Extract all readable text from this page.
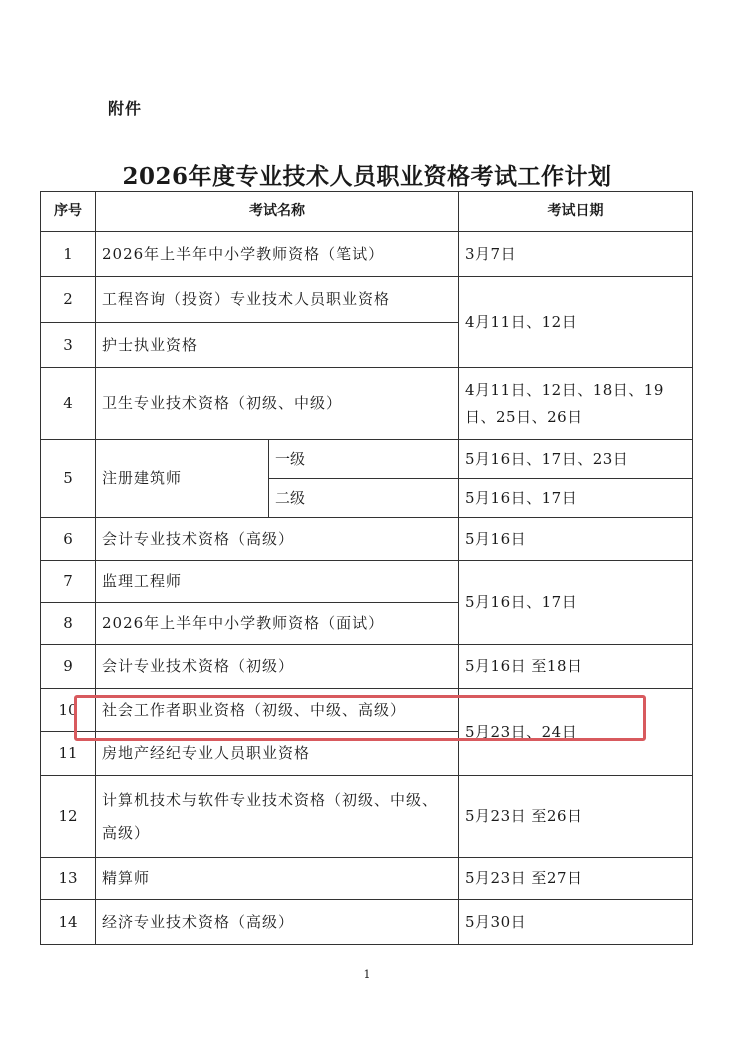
附件
2026年度专业技术人员职业资格考试工作计划
序号	考试名称		考试日期
1	2026年上半年中小学教师资格（笔试）		3月7日
2	工程咨询（投资）专业技术人员职业资格		4月11日、12日
3	护士执业资格		
4	卫生专业技术资格（初级、中级）		4月11日、12日、18日、19日、25日、26日
5	注册建筑师	一级	5月16日、17日、23日
		二级	5月16日、17日
6	会计专业技术资格（高级）		5月16日
7	监理工程师		5月16日、17日
8	2026年上半年中小学教师资格（面试）		
9	会计专业技术资格（初级）		5月16日 至18日
10	社会工作者职业资格（初级、中级、高级）		5月23日、24日
11	房地产经纪专业人员职业资格		
12	计算机技术与软件专业技术资格（初级、中级、高级）		5月23日 至26日
13	精算师		5月23日 至27日
14	经济专业技术资格（高级）		5月30日
1
